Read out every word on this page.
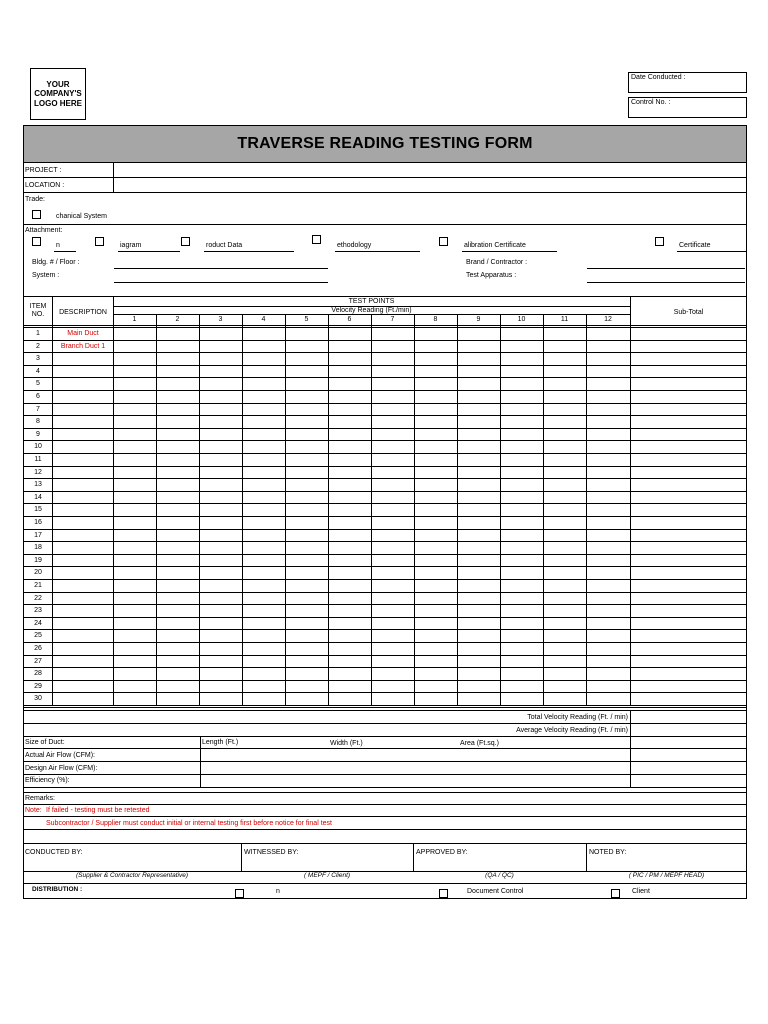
YOUR
COMPANY'S
LOGO HERE
Date Conducted :
Control No. :
TRAVERSE READING TESTING FORM
PROJECT :
LOCATION :
Trade:
chanical System
Attachment:
n	iagram	roduct Data	ethodology	alibration Certificate	Certificate
Bldg. # / Floor :
System :
Brand / Contractor :
Test Apparatus :
ITEM
NO.	DESCRIPTION
TEST POINTS
Velocity Reading (Ft./min)	Sub-Total
1	2	3	4	5	6	7	8	9	10	11	12
1	Main Duct
2	Branch Duct 1
3
4
5
6
7
8
9
10
11
12
13
14
15
16
17
18
19
20
21
22
23
24
25
26
27
28
29
30
Total Velocity Reading (Ft. / min)
Average Velocity Reading (Ft. / min)
Size of Duct:	Length (Ft.)	Width (Ft.)	Area (Ft.sq.)
Actual Air Flow (CFM):
Design Air Flow (CFM):
Efficiency (%):
Remarks:
Note: If failed - testing must be retested
Subcontractor / Supplier must conduct initial or internal testing first before notice for final test
CONDUCTED BY:	WITNESSED BY:	APPROVED BY:	NOTED BY:
(Supplier & Contractor Representative)	( MEPF / Client)	(QA / QC)	( PIC / PM / MEPF HEAD)
DISTRIBUTION :	n	Document Control	Client
